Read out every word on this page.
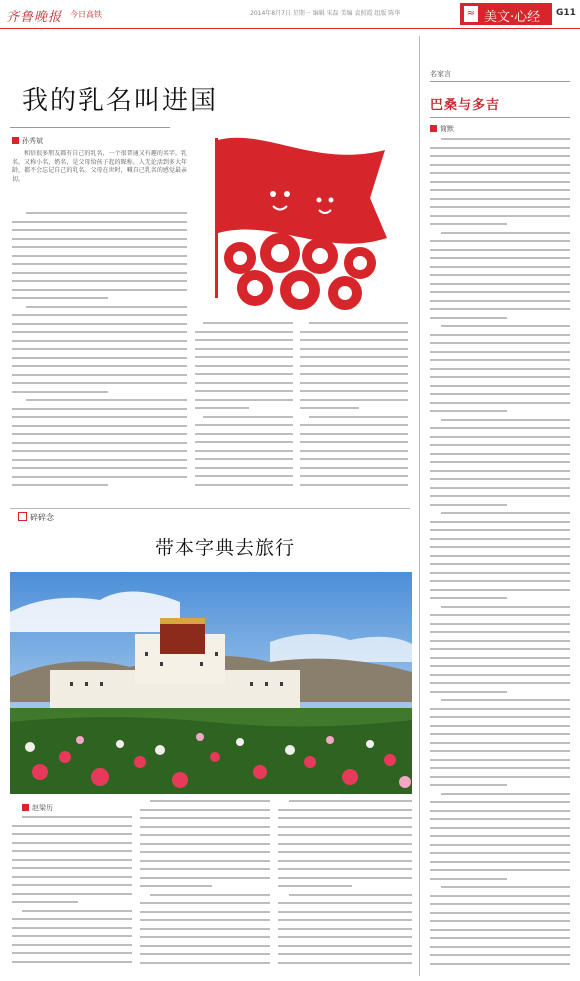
齐鲁晚报 今日高铁	2014年8月7日 星期一 编辑 宋磊 美编 袁照霞 组版 陈华	≈ 美文·心经 G11
我的乳名叫进国
孙秀斌
相信很多朋友都有自己的乳名，一个很普通又有趣的名字。乳名，又称小名，奶名，是父母给孩子起的昵称。人无论活到多大年龄，都不会忘记自己的乳名。父母在世时，喊自己乳名的感觉最亲切。
碎碎念
带本字典去旅行
赵梁历
名家言
巴桑与多吉
简默
